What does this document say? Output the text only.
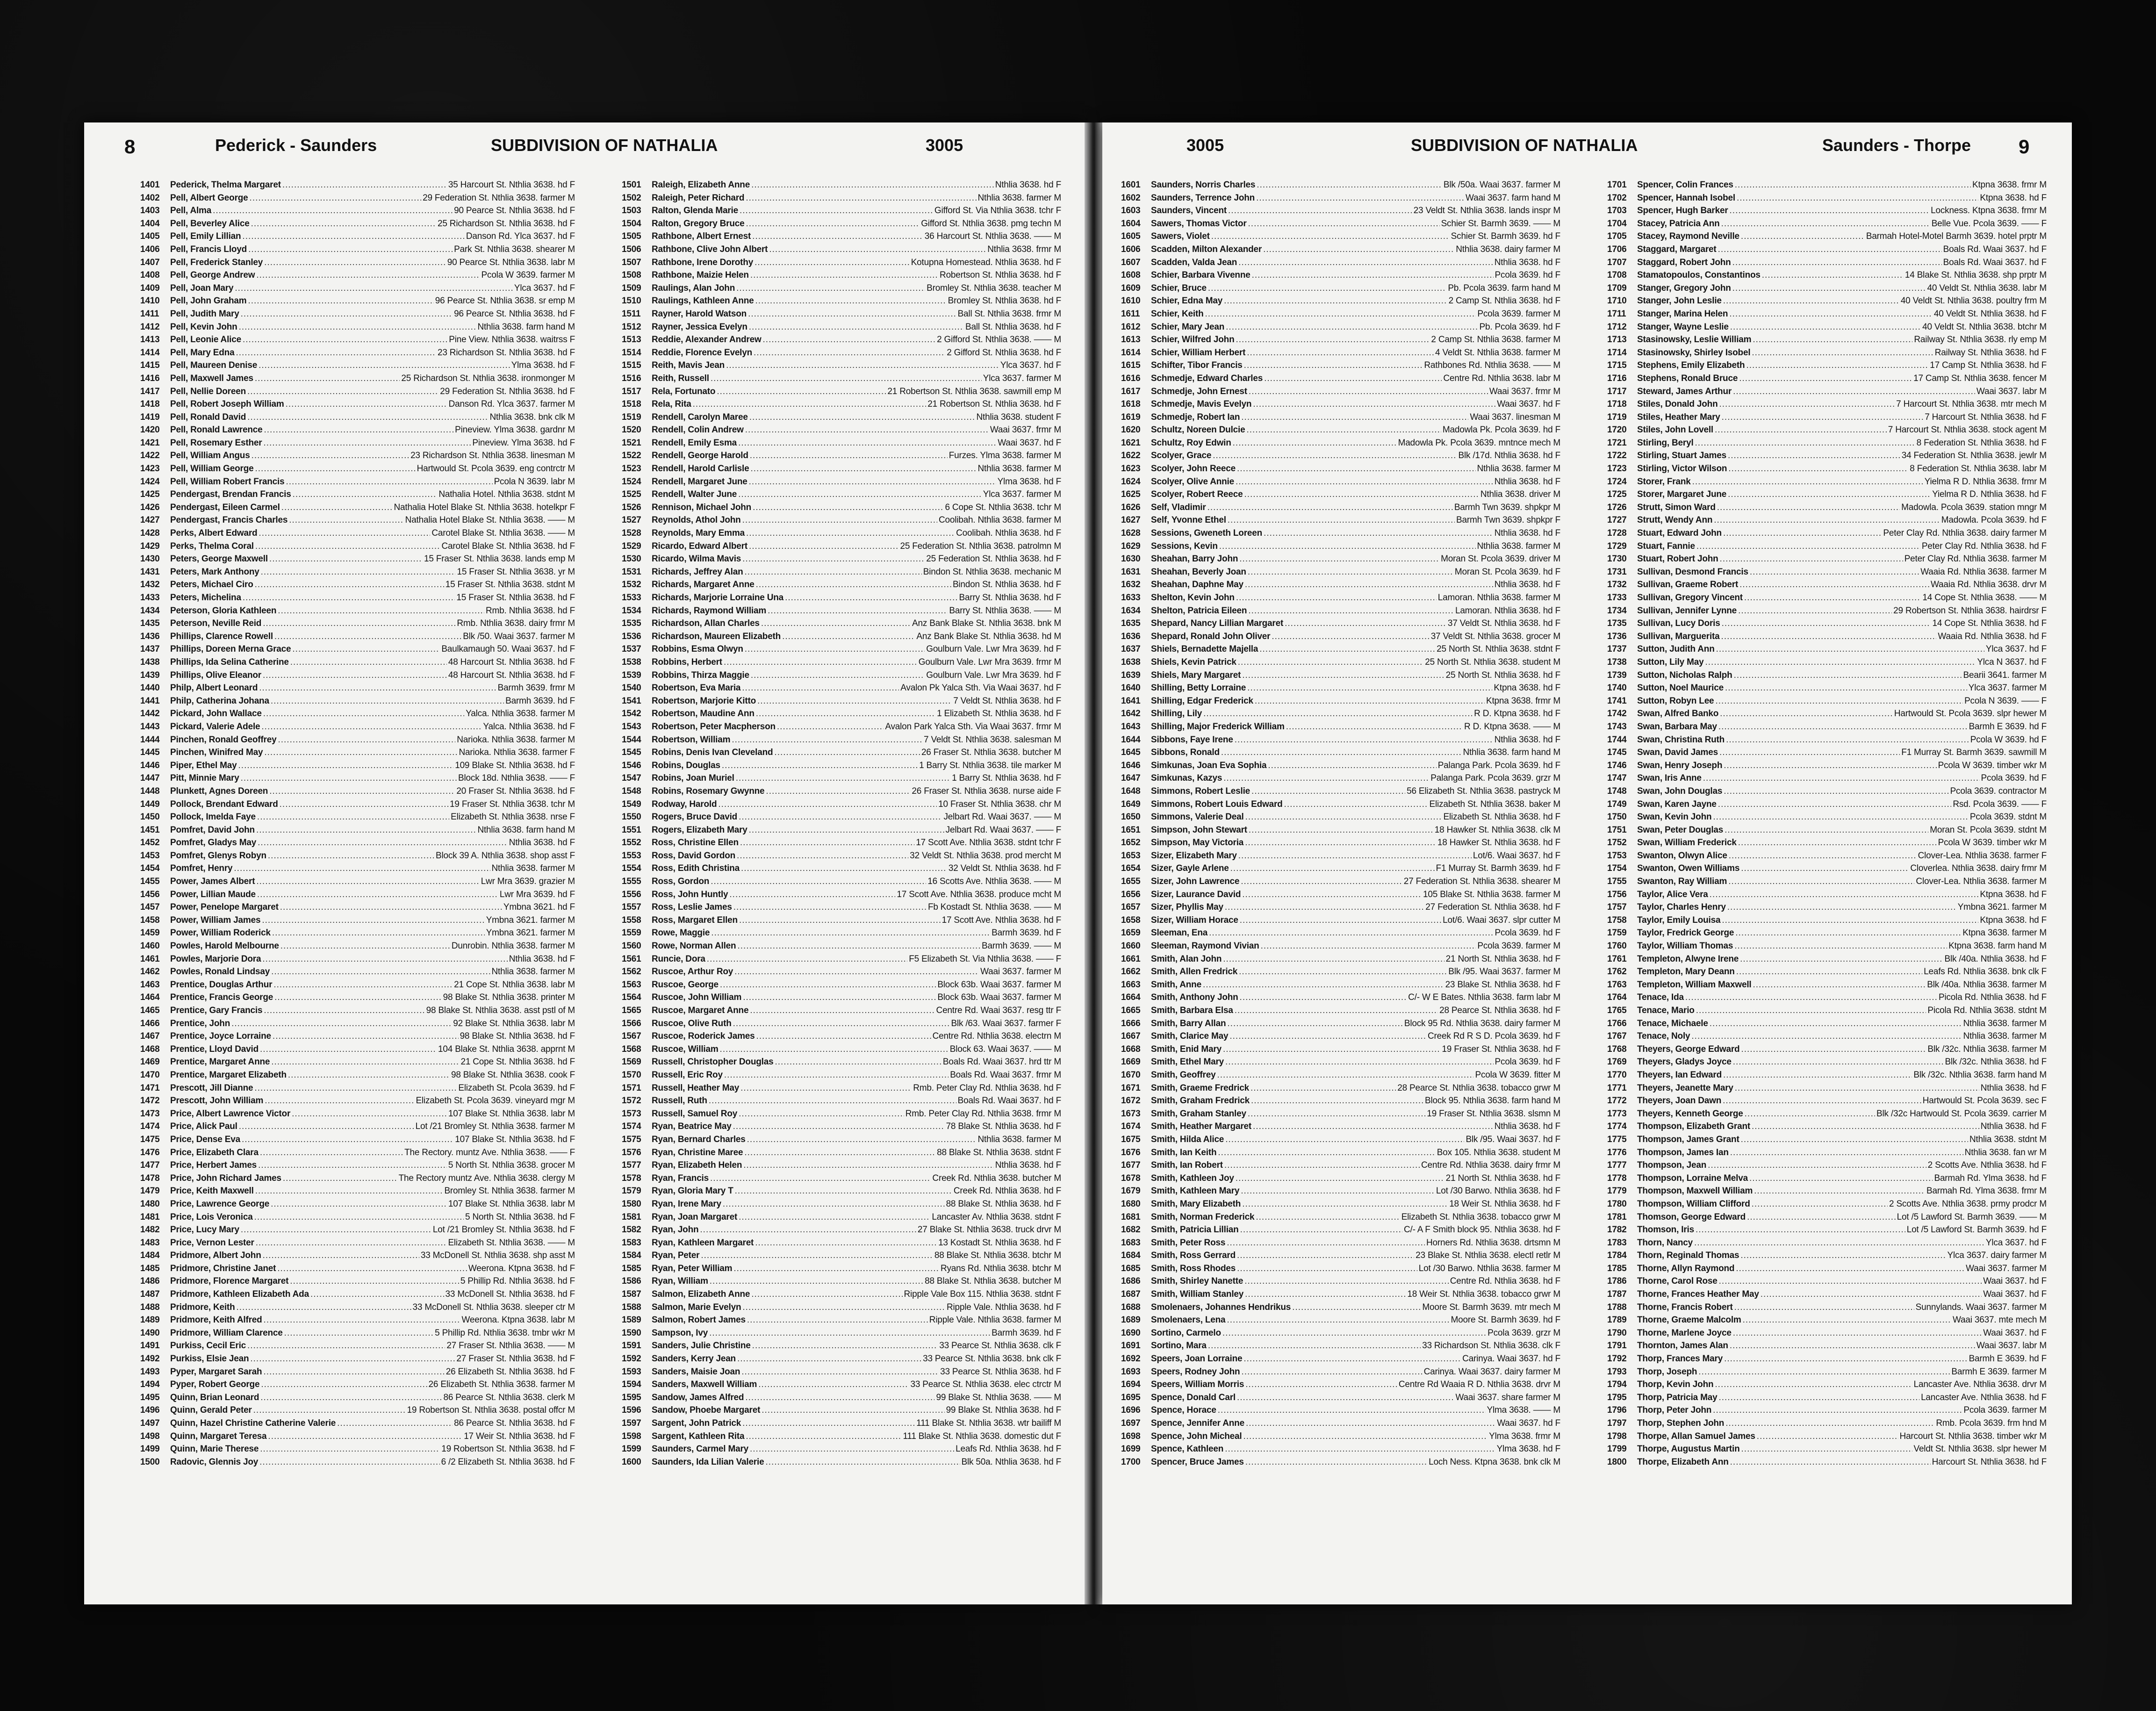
8	Pederick - Saunders	SUBDIVISION OF NATHALIA	3005
1401	Pederick, Thelma Margaret .....	35 Harcourt St. Nthlia 3638. hd F
1402	Pell, Albert George .....	29 Federation St. Nthlia 3638. farmer M
1403	Pell, Alma .....	90 Pearce St. Nthlia 3638. hd F
1404	Pell, Beverley Alice .....	25 Richardson St. Nthlia 3638. hd F
1405	Pell, Emily Lillian .....	Danson Rd. Ylca 3637. hd F
1406	Pell, Francis Lloyd .....	Park St. Nthlia 3638. shearer M
1407	Pell, Frederick Stanley .....	90 Pearce St. Nthlia 3638. labr M
1408	Pell, George Andrew .....	Pcola W 3639. farmer M
1409	Pell, Joan Mary .....	Ylca 3637. hd F
1410	Pell, John Graham .....	96 Pearce St. Nthlia 3638. sr emp M
1411	Pell, Judith Mary .....	96 Pearce St. Nthlia 3638. hd F
1412	Pell, Kevin John .....	Nthlia 3638. farm hand M
1413	Pell, Leonie Alice .....	Pine View. Nthlia 3638. waitrss F
1414	Pell, Mary Edna .....	23 Richardson St. Nthlia 3638. hd F
1415	Pell, Maureen Denise .....	Ylma 3638. hd F
1416	Pell, Maxwell James .....	25 Richardson St. Nthlia 3638. ironmonger M
1417	Pell, Nellie Doreen .....	29 Federation St. Nthlia 3638. hd F
1418	Pell, Robert Joseph William .....	Danson Rd. Ylca 3637. farmer M
1419	Pell, Ronald David .....	Nthlia 3638. bnk clk M
1420	Pell, Ronald Lawrence .....	Pineview. Ylma 3638. gardnr M
1421	Pell, Rosemary Esther .....	Pineview. Ylma 3638. hd F
1422	Pell, William Angus .....	23 Richardson St. Nthlia 3638. linesman M
1423	Pell, William George .....	Hartwould St. Pcola 3639. eng contrctr M
1424	Pell, William Robert Francis .....	Pcola N 3639. labr M
1425	Pendergast, Brendan Francis .....	Nathalia Hotel. Nthlia 3638. stdnt M
1426	Pendergast, Eileen Carmel .....	Nathalia Hotel Blake St. Nthlia 3638. hotelkpr F
1427	Pendergast, Francis Charles .....	Nathalia Hotel Blake St. Nthlia 3638. —— M
1428	Perks, Albert Edward .....	Carotel Blake St. Nthlia 3638. —— M
1429	Perks, Thelma Coral .....	Carotel Blake St. Nthlia 3638. hd F
1430	Peters, George Maxwell .....	15 Fraser St. Nthlia 3638. lands emp M
1431	Peters, Mark Anthony .....	15 Fraser St. Nthlia 3638. yr M
1432	Peters, Michael Ciro .....	15 Fraser St. Nthlia 3638. stdnt M
1433	Peters, Michelina .....	15 Fraser St. Nthlia 3638. hd F
1434	Peterson, Gloria Kathleen .....	Rmb. Nthlia 3638. hd F
1435	Peterson, Neville Reid .....	Rmb. Nthlia 3638. dairy frmr M
1436	Phillips, Clarence Rowell .....	Blk /50. Waai 3637. farmer M
1437	Phillips, Doreen Merna Grace .....	Baulkamaugh 50. Waai 3637. hd F
1438	Phillips, Ida Selina Catherine .....	48 Harcourt St. Nthlia 3638. hd F
1439	Phillips, Olive Eleanor .....	48 Harcourt St. Nthlia 3638. hd F
1440	Philp, Albert Leonard .....	Barmh 3639. frmr M
1441	Philp, Catherina Johana .....	Barmh 3639. hd F
1442	Pickard, John Wallace .....	Yalca. Nthlia 3638. farmer M
1443	Pickard, Valerie Adele .....	Yalca. Nthlia 3638. hd F
1444	Pinchen, Ronald Geoffrey .....	Narioka. Nthlia 3638. farmer M
1445	Pinchen, Winifred May .....	Narioka. Nthlia 3638. farmer F
1446	Piper, Ethel May .....	109 Blake St. Nthlia 3638. hd F
1447	Pitt, Minnie Mary .....	Block 18d. Nthlia 3638. —— F
1448	Plunkett, Agnes Doreen .....	20 Fraser St. Nthlia 3638. hd F
1449	Pollock, Brendant Edward .....	19 Fraser St. Nthlia 3638. tchr M
1450	Pollock, Imelda Faye .....	Elizabeth St. Nthlia 3638. nrse F
1451	Pomfret, David John .....	Nthlia 3638. farm hand M
1452	Pomfret, Gladys May .....	Nthlia 3638. hd F
1453	Pomfret, Glenys Robyn .....	Block 39 A. Nthlia 3638. shop asst F
1454	Pomfret, Henry .....	Nthlia 3638. farmer M
1455	Power, James Albert .....	Lwr Mra 3639. grazier M
1456	Power, Lillian Maude .....	Lwr Mra 3639. hd F
1457	Power, Penelope Margaret .....	Ymbna 3621. hd F
1458	Power, William James .....	Ymbna 3621. farmer M
1459	Power, William Roderick .....	Ymbna 3621. farmer M
1460	Powles, Harold Melbourne .....	Dunrobin. Nthlia 3638. farmer M
1461	Powles, Marjorie Dora .....	Nthlia 3638. hd F
1462	Powles, Ronald Lindsay .....	Nthlia 3638. farmer M
1463	Prentice, Douglas Arthur .....	21 Cope St. Nthlia 3638. labr M
1464	Prentice, Francis George .....	98 Blake St. Nthlia 3638. printer M
1465	Prentice, Gary Francis .....	98 Blake St. Nthlia 3638. asst pstl of M
1466	Prentice, John .....	92 Blake St. Nthlia 3638. labr M
1467	Prentice, Joyce Lorraine .....	98 Blake St. Nthlia 3638. hd F
1468	Prentice, Lloyd David .....	104 Blake St. Nthlia 3638. apprnt M
1469	Prentice, Margaret Anne .....	21 Cope St. Nthlia 3638. hd F
1470	Prentice, Margaret Elizabeth .....	98 Blake St. Nthlia 3638. cook F
1471	Prescott, Jill Dianne .....	Elizabeth St. Pcola 3639. hd F
1472	Prescott, John William .....	Elizabeth St. Pcola 3639. vineyard mgr M
1473	Price, Albert Lawrence Victor .....	107 Blake St. Nthlia 3638. labr M
1474	Price, Alick Paul .....	Lot /21 Bromley St. Nthlia 3638. farmer M
1475	Price, Dense Eva .....	107 Blake St. Nthlia 3638. hd F
1476	Price, Elizabeth Clara .....	The Rectory. muntz Ave. Nthlia 3638. —— F
1477	Price, Herbert James .....	5 North St. Nthlia 3638. grocer M
1478	Price, John Richard James .....	The Rectory muntz Ave. Nthlia 3638. clergy M
1479	Price, Keith Maxwell .....	Bromley St. Nthlia 3638. farmer M
1480	Price, Lawrence George .....	107 Blake St. Nthlia 3638. labr M
1481	Price, Lois Veronica .....	5 North St. Nthlia 3638. hd F
1482	Price, Lucy Mary .....	Lot /21 Bromley St. Nthlia 3638. hd F
1483	Price, Vernon Lester .....	Elizabeth St. Nthlia 3638. —— M
1484	Pridmore, Albert John .....	33 McDonell St. Nthlia 3638. shp asst M
1485	Pridmore, Christine Janet .....	Weerona. Ktpna 3638. hd F
1486	Pridmore, Florence Margaret .....	5 Phillip Rd. Nthlia 3638. hd F
1487	Pridmore, Kathleen Elizabeth Ada .....	33 McDonell St. Nthlia 3638. hd F
1488	Pridmore, Keith .....	33 McDonell St. Nthlia 3638. sleeper ctr M
1489	Pridmore, Keith Alfred .....	Weerona. Ktpna 3638. labr M
1490	Pridmore, William Clarence .....	5 Phillip Rd. Nthlia 3638. tmbr wkr M
1491	Purkiss, Cecil Eric .....	27 Fraser St. Nthlia 3638. —— M
1492	Purkiss, Elsie Jean .....	27 Fraser St. Nthlia 3638. hd F
1493	Pyper, Margaret Sarah .....	26 Elizabeth St. Nthlia 3638. hd F
1494	Pyper, Robert George .....	26 Elizabeth St. Nthlia 3638. farmer M
1495	Quinn, Brian Leonard .....	86 Pearce St. Nthlia 3638. clerk M
1496	Quinn, Gerald Peter .....	19 Robertson St. Nthlia 3638. postal offcr M
1497	Quinn, Hazel Christine Catherine Valerie .....	86 Pearce St. Nthlia 3638. hd F
1498	Quinn, Margaret Teresa .....	17 Weir St. Nthlia 3638. hd F
1499	Quinn, Marie Therese .....	19 Robertson St. Nthlia 3638. hd F
1500	Radovic, Glennis Joy .....	6 /2 Elizabeth St. Nthlia 3638. hd F
1501	Raleigh, Elizabeth Anne .....	Nthlia 3638. hd F
1502	Raleigh, Peter Richard .....	Nthlia 3638. farmer M
1503	Ralton, Glenda Marie .....	Gifford St. Via Nthlia 3638. tchr F
1504	Ralton, Gregory Bruce .....	Gifford St. Nthlia 3638. pmg techn M
1505	Rathbone, Albert Ernest .....	36 Harcourt St. Nthlia 3638. —— M
1506	Rathbone, Clive John Albert .....	Nthlia 3638. frmr M
1507	Rathbone, Irene Dorothy .....	Kotupna Homestead. Nthlia 3638. hd F
1508	Rathbone, Maizie Helen .....	Robertson St. Nthlia 3638. hd F
1509	Raulings, Alan John .....	Bromley St. Nthlia 3638. teacher M
1510	Raulings, Kathleen Anne .....	Bromley St. Nthlia 3638. hd F
1511	Rayner, Harold Watson .....	Ball St. Nthlia 3638. frmr M
1512	Rayner, Jessica Evelyn .....	Ball St. Nthlia 3638. hd F
1513	Reddie, Alexander Andrew .....	2 Gifford St. Nthlia 3638. —— M
1514	Reddie, Florence Evelyn .....	2 Gifford St. Nthlia 3638. hd F
1515	Reith, Mavis Jean .....	Ylca 3637. hd F
1516	Reith, Russell .....	Ylca 3637. farmer M
1517	Rela, Fortunato .....	21 Robertson St. Nthlia 3638. sawmill emp M
1518	Rela, Rita .....	21 Robertson St. Nthlia 3638. hd F
1519	Rendell, Carolyn Maree .....	Nthlia 3638. student F
1520	Rendell, Colin Andrew .....	Waai 3637. frmr M
1521	Rendell, Emily Esma .....	Waai 3637. hd F
1522	Rendell, George Harold .....	Furzes. Ylma 3638. farmer M
1523	Rendell, Harold Carlisle .....	Nthlia 3638. farmer M
1524	Rendell, Margaret June .....	Ylma 3638. hd F
1525	Rendell, Walter June .....	Ylca 3637. farmer M
1526	Rennison, Michael John .....	6 Cope St. Nthlia 3638. tchr M
1527	Reynolds, Athol John .....	Coolibah. Nthlia 3638. farmer M
1528	Reynolds, Mary Emma .....	Coolibah. Nthlia 3638. hd F
1529	Ricardo, Edward Albert .....	25 Federation St. Nthlia 3638. patrolmn M
1530	Ricardo, Wilma Mavis .....	25 Federation St. Nthlia 3638. hd F
1531	Richards, Jeffrey Alan .....	Bindon St. Nthlia 3638. mechanic M
1532	Richards, Margaret Anne .....	Bindon St. Nthlia 3638. hd F
1533	Richards, Marjorie Lorraine Una .....	Barry St. Nthlia 3638. hd F
1534	Richards, Raymond William .....	Barry St. Nthlia 3638. —— M
1535	Richardson, Allan Charles .....	Anz Bank Blake St. Nthlia 3638. bnk M
1536	Richardson, Maureen Elizabeth .....	Anz Bank Blake St. Nthlia 3638. hd M
1537	Robbins, Esma Olwyn .....	Goulburn Vale. Lwr Mra 3639. hd F
1538	Robbins, Herbert .....	Goulburn Vale. Lwr Mra 3639. frmr M
1539	Robbins, Thirza Maggie .....	Goulburn Vale. Lwr Mra 3639. hd F
1540	Robertson, Eva Maria .....	Avalon Pk Yalca Sth. Via Waai 3637. hd F
1541	Robertson, Marjorie Kitto .....	7 Veldt St. Nthlia 3638. hd F
1542	Robertson, Maudine Ann .....	1 Elizabeth St. Nthlia 3638. hd F
1543	Robertson, Peter Macpherson .....	Avalon Park Yalca Sth. Via Waai 3637. frmr M
1544	Robertson, William .....	7 Veldt St. Nthlia 3638. salesman M
1545	Robins, Denis Ivan Cleveland .....	26 Fraser St. Nthlia 3638. butcher M
1546	Robins, Douglas .....	1 Barry St. Nthlia 3638. tile marker M
1547	Robins, Joan Muriel .....	1 Barry St. Nthlia 3638. hd F
1548	Robins, Rosemary Gwynne .....	26 Fraser St. Nthlia 3638. nurse aide F
1549	Rodway, Harold .....	10 Fraser St. Nthlia 3638. chr M
1550	Rogers, Bruce David .....	Jelbart Rd. Waai 3637. —— M
1551	Rogers, Elizabeth Mary .....	Jelbart Rd. Waai 3637. —— F
1552	Ross, Christine Ellen .....	17 Scott Ave. Nthlia 3638. stdnt tchr F
1553	Ross, David Gordon .....	32 Veldt St. Nthlia 3638. prod mercht M
1554	Ross, Edith Christina .....	32 Veldt St. Nthlia 3638. hd F
1555	Ross, Gordon .....	16 Scotts Ave. Nthlia 3638. —— M
1556	Ross, John Huntly .....	17 Scott Ave. Nthlia 3638. produce mcht M
1557	Ross, Leslie James .....	Fb Kostadt St. Nthlia 3638. —— M
1558	Ross, Margaret Ellen .....	17 Scott Ave. Nthlia 3638. hd F
1559	Rowe, Maggie .....	Barmh 3639. hd F
1560	Rowe, Norman Allen .....	Barmh 3639. —— M
1561	Runcie, Dora .....	F5 Elizabeth St. Via Nthlia 3638. —— F
1562	Ruscoe, Arthur Roy .....	Waai 3637. farmer M
1563	Ruscoe, George .....	Block 63b. Waai 3637. farmer M
1564	Ruscoe, John William .....	Block 63b. Waai 3637. farmer M
1565	Ruscoe, Margaret Anne .....	Centre Rd. Waai 3637. resg ttr F
1566	Ruscoe, Olive Ruth .....	Blk /63. Waai 3637. farmer F
1567	Ruscoe, Roderick James .....	Centre Rd. Nthlia 3638. electrn M
1568	Ruscoe, William .....	Block 63. Waai 3637. —— M
1569	Russell, Christopher Douglas .....	Boals Rd. Waai 3637. hrd ttr M
1570	Russell, Eric Roy .....	Boals Rd. Waai 3637. frmr M
1571	Russell, Heather May .....	Rmb. Peter Clay Rd. Nthlia 3638. hd F
1572	Russell, Ruth .....	Boals Rd. Waai 3637. hd F
1573	Russell, Samuel Roy .....	Rmb. Peter Clay Rd. Nthlia 3638. frmr M
1574	Ryan, Beatrice May .....	78 Blake St. Nthlia 3638. hd F
1575	Ryan, Bernard Charles .....	Nthlia 3638. farmer M
1576	Ryan, Christine Maree .....	88 Blake St. Nthlia 3638. stdnt F
1577	Ryan, Elizabeth Helen .....	Nthlia 3638. hd F
1578	Ryan, Francis .....	Creek Rd. Nthlia 3638. butcher M
1579	Ryan, Gloria Mary T .....	Creek Rd. Nthlia 3638. hd F
1580	Ryan, Irene Mary .....	88 Blake St. Nthlia 3638. hd F
1581	Ryan, Joan Margaret .....	Lancaster Av. Nthlia 3638. stdnt F
1582	Ryan, John .....	27 Blake St. Nthlia 3638. truck drvr M
1583	Ryan, Kathleen Margaret .....	13 Kostadt St. Nthlia 3638. hd F
1584	Ryan, Peter .....	88 Blake St. Nthlia 3638. btchr M
1585	Ryan, Peter William .....	Ryans Rd. Nthlia 3638. btchr M
1586	Ryan, William .....	88 Blake St. Nthlia 3638. butcher M
1587	Salmon, Elizabeth Anne .....	Ripple Vale Box 115. Nthlia 3638. stdnt F
1588	Salmon, Marie Evelyn .....	Ripple Vale. Nthlia 3638. hd F
1589	Salmon, Robert James .....	Ripple Vale. Nthlia 3638. farmer M
1590	Sampson, Ivy .....	Barmh 3639. hd F
1591	Sanders, Julie Christine .....	33 Pearce St. Nthlia 3638. clk F
1592	Sanders, Kerry Jean .....	33 Pearce St. Nthlia 3638. bnk clk F
1593	Sanders, Maisie Joan .....	33 Pearce St. Nthlia 3638. hd F
1594	Sanders, Maxwell William .....	33 Pearce St. Nthlia 3638. elec ctrctr M
1595	Sandow, James Alfred .....	99 Blake St. Nthlia 3638. —— M
1596	Sandow, Phoebe Margaret .....	99 Blake St. Nthlia 3638. hd F
1597	Sargent, John Patrick .....	111 Blake St. Nthlia 3638. wtr bailiff M
1598	Sargent, Kathleen Rita .....	111 Blake St. Nthlia 3638. domestic dut F
1599	Saunders, Carmel Mary .....	Leafs Rd. Nthlia 3638. hd F
1600	Saunders, Ida Lilian Valerie .....	Blk 50a. Nthlia 3638. hd F
3005	SUBDIVISION OF NATHALIA	Saunders - Thorpe 9
1601	Saunders, Norris Charles .....	Blk /50a. Waai 3637. farmer M
1602	Saunders, Terrence John .....	Waai 3637. farm hand M
1603	Saunders, Vincent .....	23 Veldt St. Nthlia 3638. lands inspr M
1604	Sawers, Thomas Victor .....	Schier St. Barmh 3639. —— M
1605	Sawers, Violet .....	Schier St. Barmh 3639. hd F
1606	Scadden, Milton Alexander .....	Nthlia 3638. dairy farmer M
1607	Scadden, Valda Jean .....	Nthlia 3638. hd F
1608	Schier, Barbara Vivenne .....	Pcola 3639. hd F
1609	Schier, Bruce .....	Pb. Pcola 3639. farm hand M
1610	Schier, Edna May .....	2 Camp St. Nthlia 3638. hd F
1611	Schier, Keith .....	Pcola 3639. farmer M
1612	Schier, Mary Jean .....	Pb. Pcola 3639. hd F
1613	Schier, Wilfred John .....	2 Camp St. Nthlia 3638. farmer M
1614	Schier, William Herbert .....	4 Veldt St. Nthlia 3638. farmer M
1615	Schifter, Tibor Francis .....	Rathbones Rd. Nthlia 3638. —— M
1616	Schmedje, Edward Charles .....	Centre Rd. Nthlia 3638. labr M
1617	Schmedje, John Ernest .....	Waai 3637. frmr M
1618	Schmedje, Mavis Evelyn .....	Waai 3637. hd F
1619	Schmedje, Robert Ian .....	Waai 3637. linesman M
1620	Schultz, Noreen Dulcie .....	Madowla Pk. Pcola 3639. hd F
1621	Schultz, Roy Edwin .....	Madowla Pk. Pcola 3639. mntnce mech M
1622	Scolyer, Grace .....	Blk /17d. Nthlia 3638. hd F
1623	Scolyer, John Reece .....	Nthlia 3638. farmer M
1624	Scolyer, Olive Annie .....	Nthlia 3638. hd F
1625	Scolyer, Robert Reece .....	Nthlia 3638. driver M
1626	Self, Vladimir .....	Barmh Twn 3639. shpkpr M
1627	Self, Yvonne Ethel .....	Barmh Twn 3639. shpkpr F
1628	Sessions, Gweneth Loreen .....	Nthlia 3638. hd F
1629	Sessions, Kevin .....	Nthlia 3638. farmer M
1630	Sheahan, Barry John .....	Moran St. Pcola 3639. driver M
1631	Sheahan, Beverly Joan .....	Moran St. Pcola 3639. hd F
1632	Sheahan, Daphne May .....	Nthlia 3638. hd F
1633	Shelton, Kevin John .....	Lamoran. Nthlia 3638. farmer M
1634	Shelton, Patricia Eileen .....	Lamoran. Nthlia 3638. hd F
1635	Shepard, Nancy Lillian Margaret .....	37 Veldt St. Nthlia 3638. hd F
1636	Shepard, Ronald John Oliver .....	37 Veldt St. Nthlia 3638. grocer M
1637	Shiels, Bernadette Majella .....	25 North St. Nthlia 3638. stdnt F
1638	Shiels, Kevin Patrick .....	25 North St. Nthlia 3638. student M
1639	Shiels, Mary Margaret .....	25 North St. Nthlia 3638. hd F
1640	Shilling, Betty Lorraine .....	Ktpna 3638. hd F
1641	Shilling, Edgar Frederick .....	Ktpna 3638. frmr M
1642	Shilling, Lily .....	R D. Ktpna 3638. hd F
1643	Shilling, Major Frederick William .....	R D. Ktpna 3638. —— M
1644	Sibbons, Faye Irene .....	Nthlia 3638. hd F
1645	Sibbons, Ronald .....	Nthlia 3638. farm hand M
1646	Simkunas, Joan Eva Sophia .....	Palanga Park. Pcola 3639. hd F
1647	Simkunas, Kazys .....	Palanga Park. Pcola 3639. grzr M
1648	Simmons, Robert Leslie .....	56 Elizabeth St. Nthlia 3638. pastryck M
1649	Simmons, Robert Louis Edward .....	Elizabeth St. Nthlia 3638. baker M
1650	Simmons, Valerie Deal .....	Elizabeth St. Nthlia 3638. hd F
1651	Simpson, John Stewart .....	18 Hawker St. Nthlia 3638. clk M
1652	Simpson, May Victoria .....	18 Hawker St. Nthlia 3638. hd F
1653	Sizer, Elizabeth Mary .....	Lot/6. Waai 3637. hd F
1654	Sizer, Gayle Arlene .....	F1 Murray St. Barmh 3639. hd F
1655	Sizer, John Lawrence .....	27 Federation St. Nthlia 3638. shearer M
1656	Sizer, Laurance David .....	105 Blake St. Nthlia 3638. farmer M
1657	Sizer, Phyllis May .....	27 Federation St. Nthlia 3638. hd F
1658	Sizer, William Horace .....	Lot/6. Waai 3637. slpr cutter M
1659	Sleeman, Ena .....	Pcola 3639. hd F
1660	Sleeman, Raymond Vivian .....	Pcola 3639. farmer M
1661	Smith, Alan John .....	21 North St. Nthlia 3638. hd F
1662	Smith, Allen Fredrick .....	Blk /95. Waai 3637. farmer M
1663	Smith, Anne .....	23 Blake St. Nthlia 3638. hd F
1664	Smith, Anthony John .....	C/- W E Bates. Nthlia 3638. farm labr M
1665	Smith, Barbara Elsa .....	28 Pearce St. Nthlia 3638. hd F
1666	Smith, Barry Allan .....	Block 95 Rd. Nthlia 3638. dairy farmer M
1667	Smith, Clarice May .....	Creek Rd R S D. Pcola 3639. hd F
1668	Smith, Enid Mary .....	19 Fraser St. Nthlia 3638. hd F
1669	Smith, Ethel Mary .....	Pcola 3639. hd F
1670	Smith, Geoffrey .....	Pcola W 3639. fitter M
1671	Smith, Graeme Fredrick .....	28 Pearce St. Nthlia 3638. tobacco grwr M
1672	Smith, Graham Fredrick .....	Block 95. Nthlia 3638. farm hand M
1673	Smith, Graham Stanley .....	19 Fraser St. Nthlia 3638. slsmn M
1674	Smith, Heather Margaret .....	Nthlia 3638. hd F
1675	Smith, Hilda Alice .....	Blk /95. Waai 3637. hd F
1676	Smith, Ian Keith .....	Box 105. Nthlia 3638. student M
1677	Smith, Ian Robert .....	Centre Rd. Nthlia 3638. dairy frmr M
1678	Smith, Kathleen Joy .....	21 North St. Nthlia 3638. hd F
1679	Smith, Kathleen Mary .....	Lot /30 Barwo. Nthlia 3638. hd F
1680	Smith, Mary Elizabeth .....	18 Weir St. Nthlia 3638. hd F
1681	Smith, Norman Frederick .....	Elizabeth St. Nthlia 3638. tobacco grwr M
1682	Smith, Patricia Lillian .....	C/- A F Smith block 95. Nthlia 3638. hd F
1683	Smith, Peter Ross .....	Horners Rd. Nthlia 3638. drtsmn M
1684	Smith, Ross Gerrard .....	23 Blake St. Nthlia 3638. electl retlr M
1685	Smith, Ross Rhodes .....	Lot /30 Barwo. Nthlia 3638. farmer M
1686	Smith, Shirley Nanette .....	Centre Rd. Nthlia 3638. hd F
1687	Smith, William Stanley .....	18 Weir St. Nthlia 3638. tobacco grwr M
1688	Smolenaers, Johannes Hendrikus .....	Moore St. Barmh 3639. mtr mech M
1689	Smolenaers, Lena .....	Moore St. Barmh 3639. hd F
1690	Sortino, Carmelo .....	Pcola 3639. grzr M
1691	Sortino, Mara .....	33 Richardson St. Nthlia 3638. clk F
1692	Speers, Joan Lorraine .....	Carinya. Waai 3637. hd F
1693	Speers, Rodney John .....	Carinya. Waai 3637. dairy farmer M
1694	Speers, William Morris .....	Centre Rd Waaia R D. Nthlia 3638. drvr M
1695	Spence, Donald Carl .....	Waai 3637. share farmer M
1696	Spence, Horace .....	Ylma 3638. —— M
1697	Spence, Jennifer Anne .....	Waai 3637. hd F
1698	Spence, John Micheal .....	Ylma 3638. frmr M
1699	Spence, Kathleen .....	Ylma 3638. hd F
1700	Spencer, Bruce James .....	Loch Ness. Ktpna 3638. bnk clk M
1701	Spencer, Colin Frances .....	Ktpna 3638. frmr M
1702	Spencer, Hannah Isobel .....	Ktpna 3638. hd F
1703	Spencer, Hugh Barker .....	Lockness. Ktpna 3638. frmr M
1704	Stacey, Patricia Ann .....	Belle Vue. Pcola 3639. —— F
1705	Stacey, Raymond Neville .....	Barmah Hotel-Motel Barmh 3639. hotel prptr M
1706	Staggard, Margaret .....	Boals Rd. Waai 3637. hd F
1707	Staggard, Robert John .....	Boals Rd. Waai 3637. hd F
1708	Stamatopoulos, Constantinos .....	14 Blake St. Nthlia 3638. shp prptr M
1709	Stanger, Gregory John .....	40 Veldt St. Nthlia 3638. labr M
1710	Stanger, John Leslie .....	40 Veldt St. Nthlia 3638. poultry frm M
1711	Stanger, Marina Helen .....	40 Veldt St. Nthlia 3638. hd F
1712	Stanger, Wayne Leslie .....	40 Veldt St. Nthlia 3638. btchr M
1713	Stasinowsky, Leslie William .....	Railway St. Nthlia 3638. rly emp M
1714	Stasinowsky, Shirley Isobel .....	Railway St. Nthlia 3638. hd F
1715	Stephens, Emily Elizabeth .....	17 Camp St. Nthlia 3638. hd F
1716	Stephens, Ronald Bruce .....	17 Camp St. Nthlia 3638. fencer M
1717	Steward, James Arthur .....	Waai 3637. labr M
1718	Stiles, Donald John .....	7 Harcourt St. Nthlia 3638. mtr mech M
1719	Stiles, Heather Mary .....	7 Harcourt St. Nthlia 3638. hd F
1720	Stiles, John Lovell .....	7 Harcourt St. Nthlia 3638. stock agent M
1721	Stirling, Beryl .....	8 Federation St. Nthlia 3638. hd F
1722	Stirling, Stuart James .....	34 Federation St. Nthlia 3638. jewlr M
1723	Stirling, Victor Wilson .....	8 Federation St. Nthlia 3638. labr M
1724	Storer, Frank .....	Yielma R D. Nthlia 3638. frmr M
1725	Storer, Margaret June .....	Yielma R D. Nthlia 3638. hd F
1726	Strutt, Simon Ward .....	Madowla. Pcola 3639. station mngr M
1727	Strutt, Wendy Ann .....	Madowla. Pcola 3639. hd F
1728	Stuart, Edward John .....	Peter Clay Rd. Nthlia 3638. dairy farmer M
1729	Stuart, Fannie .....	Peter Clay Rd. Nthlia 3638. hd F
1730	Stuart, Robert John .....	Peter Clay Rd. Nthlia 3638. farmer M
1731	Sullivan, Desmond Francis .....	Waaia Rd. Nthlia 3638. farmer M
1732	Sullivan, Graeme Robert .....	Waaia Rd. Nthlia 3638. drvr M
1733	Sullivan, Gregory Vincent .....	14 Cope St. Nthlia 3638. —— M
1734	Sullivan, Jennifer Lynne .....	29 Robertson St. Nthlia 3638. hairdrsr F
1735	Sullivan, Lucy Doris .....	14 Cope St. Nthlia 3638. hd F
1736	Sullivan, Marguerita .....	Waaia Rd. Nthlia 3638. hd F
1737	Sutton, Judith Ann .....	Ylca 3637. hd F
1738	Sutton, Lily May .....	Ylca N 3637. hd F
1739	Sutton, Nicholas Ralph .....	Bearii 3641. farmer M
1740	Sutton, Noel Maurice .....	Ylca 3637. farmer M
1741	Sutton, Robyn Lee .....	Pcola N 3639. —— F
1742	Swan, Alfred Banko .....	Hartwould St. Pcola 3639. slpr hewer M
1743	Swan, Barbara May .....	Barmh E 3639. hd F
1744	Swan, Christina Ruth .....	Pcola W 3639. hd F
1745	Swan, David James .....	F1 Murray St. Barmh 3639. sawmill M
1746	Swan, Henry Joseph .....	Pcola W 3639. timber wkr M
1747	Swan, Iris Anne .....	Pcola 3639. hd F
1748	Swan, John Douglas .....	Pcola 3639. contractor M
1749	Swan, Karen Jayne .....	Rsd. Pcola 3639. —— F
1750	Swan, Kevin John .....	Pcola 3639. stdnt M
1751	Swan, Peter Douglas .....	Moran St. Pcola 3639. stdnt M
1752	Swan, William Frederick .....	Pcola W 3639. timber wkr M
1753	Swanton, Olwyn Alice .....	Clover-Lea. Nthlia 3638. farmer F
1754	Swanton, Owen Williams .....	Cloverlea. Nthlia 3638. dairy frmr M
1755	Swanton, Ray William .....	Clover-Lea. Nthlia 3638. farmer M
1756	Taylor, Alice Vera .....	Ktpna 3638. hd F
1757	Taylor, Charles Henry .....	Ymbna 3621. farmer M
1758	Taylor, Emily Louisa .....	Ktpna 3638. hd F
1759	Taylor, Fredrick George .....	Ktpna 3638. farmer M
1760	Taylor, William Thomas .....	Ktpna 3638. farm hand M
1761	Templeton, Alwyne Irene .....	Blk /40a. Nthlia 3638. hd F
1762	Templeton, Mary Deann .....	Leafs Rd. Nthlia 3638. bnk clk F
1763	Templeton, William Maxwell .....	Blk /40a. Nthlia 3638. farmer M
1764	Tenace, Ida .....	Picola Rd. Nthlia 3638. hd F
1765	Tenace, Mario .....	Picola Rd. Nthlia 3638. stdnt M
1766	Tenace, Michaele .....	Nthlia 3638. farmer M
1767	Tenace, Noly .....	Nthlia 3638. farmer M
1768	Theyers, George Edward .....	Blk /32c. Nthlia 3638. farmer M
1769	Theyers, Gladys Joyce .....	Blk /32c. Nthlia 3638. hd F
1770	Theyers, Ian Edward .....	Blk /32c. Nthlia 3638. farm hand M
1771	Theyers, Jeanette Mary .....	Nthlia 3638. hd F
1772	Theyers, Joan Dawn .....	Hartwould St. Pcola 3639. sec F
1773	Theyers, Kenneth George .....	Blk /32c Hartwould St. Pcola 3639. carrier M
1774	Thompson, Elizabeth Grant .....	Nthlia 3638. hd F
1775	Thompson, James Grant .....	Nthlia 3638. stdnt M
1776	Thompson, James Ian .....	Nthlia 3638. fan wr M
1777	Thompson, Jean .....	2 Scotts Ave. Nthlia 3638. hd F
1778	Thompson, Lorraine Melva .....	Barmah Rd. Ylma 3638. hd F
1779	Thompson, Maxwell William .....	Barmah Rd. Ylma 3638. frmr M
1780	Thompson, William Clifford .....	2 Scotts Ave. Nthlia 3638. prmy prodcr M
1781	Thomson, George Edward .....	Lot /5 Lawford St. Barmh 3639. —— M
1782	Thomson, Iris .....	Lot /5 Lawford St. Barmh 3639. hd F
1783	Thorn, Nancy .....	Ylca 3637. hd F
1784	Thorn, Reginald Thomas .....	Ylca 3637. dairy farmer M
1785	Thorne, Allyn Raymond .....	Waai 3637. farmer M
1786	Thorne, Carol Rose .....	Waai 3637. hd F
1787	Thorne, Frances Heather May .....	Waai 3637. hd F
1788	Thorne, Francis Robert .....	Sunnylands. Waai 3637. farmer M
1789	Thorne, Graeme Malcolm .....	Waai 3637. mte mech M
1790	Thorne, Marlene Joyce .....	Waai 3637. hd F
1791	Thornton, James Alan .....	Waai 3637. labr M
1792	Thorp, Frances Mary .....	Barmh E 3639. hd F
1793	Thorp, Joseph .....	Barmh E 3639. farmer M
1794	Thorp, Kevin John .....	Lancaster Ave. Nthlia 3638. drvr M
1795	Thorp, Patricia May .....	Lancaster Ave. Nthlia 3638. hd F
1796	Thorp, Peter John .....	Pcola 3639. farmer M
1797	Thorp, Stephen John .....	Rmb. Pcola 3639. frm hnd M
1798	Thorpe, Allan Samuel James .....	Harcourt St. Nthlia 3638. timber wkr M
1799	Thorpe, Augustus Martin .....	Veldt St. Nthlia 3638. slpr hewer M
1800	Thorpe, Elizabeth Ann .....	Harcourt St. Nthlia 3638. hd F
